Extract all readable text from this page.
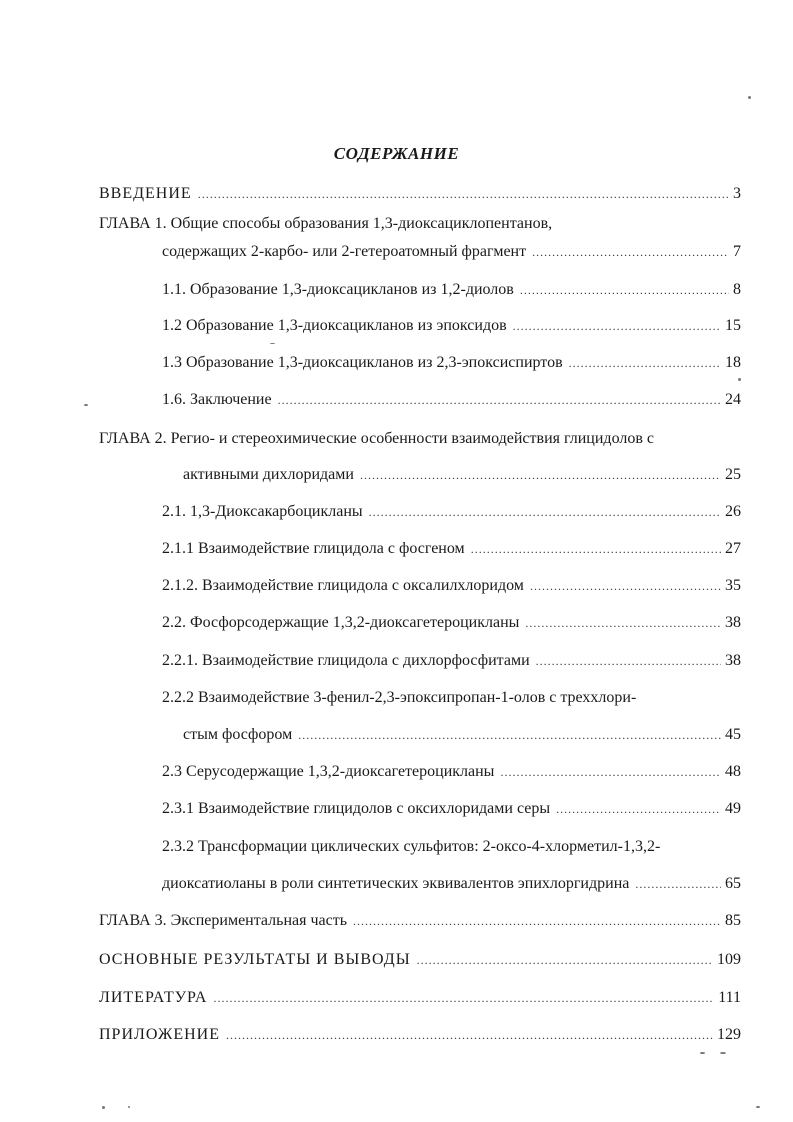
СОДЕРЖАНИЕ
ВВЕДЕНИЕ . . .	3
ГЛАВА 1. Общие способы образования 1,3-диоксациклопентанов,
содержащих 2-карбо- или 2-гетероатомный фрагмент . . .	7
1.1. Образование 1,3-диоксацикланов из 1,2-диолов . . .	8
1.2 Образование 1,3-диоксацикланов из эпоксидов . . .	15
1.3 Образование 1,3-диоксацикланов из 2,3-эпоксиспиртов . . .	18
1.6. Заключение . . .	24
ГЛАВА 2. Регио- и стереохимические особенности взаимодействия глицидолов с
активными дихлоридами . . .	25
2.1. 1,3-Диоксакарбоцикланы . . .	26
2.1.1 Взаимодействие глицидола с фосгеном . . .	27
2.1.2. Взаимодействие глицидола с оксалилхлоридом . . .	35
2.2. Фосфорсодержащие 1,3,2-диоксагетероцикланы . . .	38
2.2.1. Взаимодействие глицидола с дихлорфосфитами . . .	38
2.2.2 Взаимодействие 3-фенил-2,3-эпоксипропан-1-олов с треххлори-
стым фосфором . . .	45
2.3 Серусодержащие 1,3,2-диоксагетероцикланы . . .	48
2.3.1 Взаимодействие глицидолов с оксихлоридами серы . . .	49
2.3.2 Трансформации циклических сульфитов: 2-оксо-4-хлорметил-1,3,2-
диоксатиоланы в роли синтетических эквивалентов эпихлоргидрина . . .	65
ГЛАВА 3. Экспериментальная часть . . .	85
ОСНОВНЫЕ РЕЗУЛЬТАТЫ И ВЫВОДЫ . . .	109
ЛИТЕРАТУРА . . .	111
ПРИЛОЖЕНИЕ . . .	129
